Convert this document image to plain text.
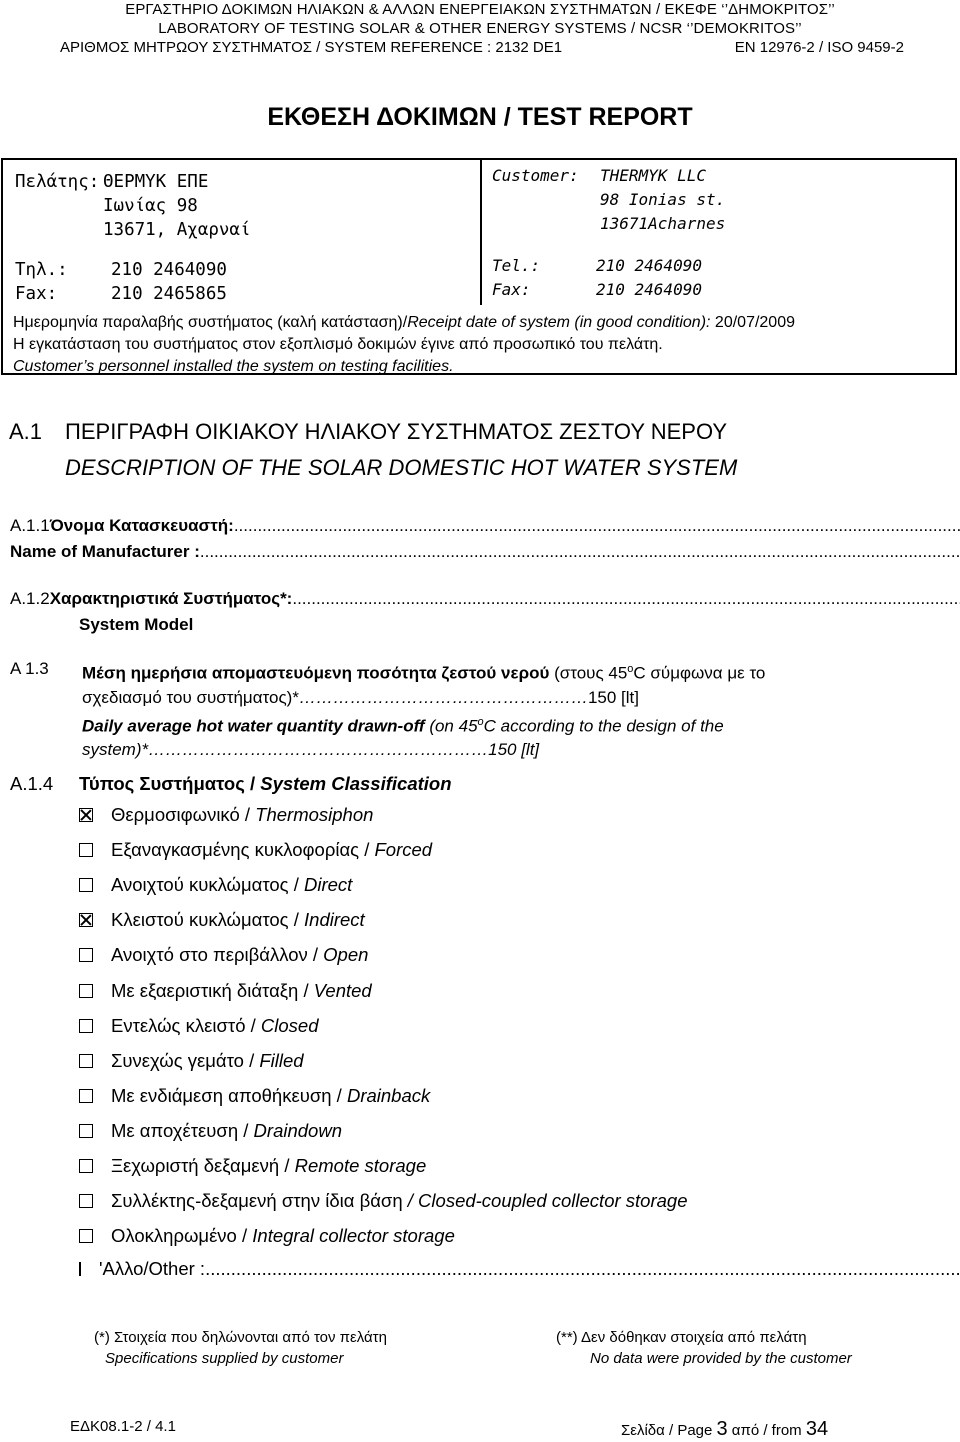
ΕΡΓΑΣΤΗΡΙΟ ΔΟΚΙΜΩΝ ΗΛΙΑΚΩΝ & ΑΛΛΩΝ ΕΝΕΡΓΕΙΑΚΩΝ ΣΥΣΤΗΜΑΤΩΝ / ΕΚΕΦΕ ‘’ΔΗΜΟΚΡΙΤΟΣ’’
LABORATORY OF TESTING SOLAR & OTHER ENERGY SYSTEMS / NCSR ‘’DEMOKRITOS’’
ΑΡΙΘΜΟΣ ΜΗΤΡΩΟΥ ΣΥΣΤΗΜΑΤΟΣ / SYSTEM REFERENCE : 2132 DE1	EN 12976-2 / ISO 9459-2
ΕΚΘΕΣΗ ΔΟΚΙΜΩΝ / TEST REPORT
Πελάτης: ΘΕΡΜΥΚ ΕΠΕ
Ιωνίας 98
13671, Αχαρναί
Customer:	THERMYK LLC
98 Ionias st.
13671Acharnes
Τηλ.:	210 2464090
Fax:	210 2465865
Tel.:	210 2464090
Fax:	210 2464090
Ημερομηνία παραλαβής συστήματος (καλή κατάσταση)/Receipt date of system (in good condition): 20/07/2009
Η εγκατάσταση του συστήματος στον εξοπλισμό δοκιμών έγινε από προσωπικό του πελάτη.
Customer’s personnel installed the system on testing facilities.
A.1	ΠΕΡΙΓΡΑΦΗ ΟΙΚΙΑΚΟΥ ΗΛΙΑΚΟΥ ΣΥΣΤΗΜΑΤΟΣ ΖΕΣΤΟΥ ΝΕΡΟΥ
DESCRIPTION OF THE SOLAR DOMESTIC HOT WATER SYSTEM
A.1.1 Όνομα Κατασκευαστή:
.....
Name of Manufacturer :
.....
A.1.2 Χαρακτηριστικά Συστήματος*:
.....
System Model
A 1.3	Μέση ημερήσια απομαστευόμενη ποσότητα ζεστού νερού (στους 45$^o$C σύμφωνα με το
σχεδιασμό του συστήματος)*……………………………………………150 [lt]
Daily average hot water quantity drawn-off (on 45$^o$C according to the design of the
system)*……………………………………………………150 [lt]
A.1.4 Τύπος Συστήματος / System Classification
Θερμοσιφωνικό / Thermosiphon
Εξαναγκασμένης κυκλοφορίας / Forced
Ανοιχτού κυκλώματος / Direct
Κλειστού κυκλώματος / Indirect
Ανοιχτό στο περιβάλλον / Open
Με εξαεριστική διάταξη / Vented
Εντελώς κλειστό / Closed
Συνεχώς γεμάτο / Filled
Με ενδιάμεση αποθήκευση / Drainback
Με αποχέτευση / Draindown
Ξεχωριστή δεξαμενή / Remote storage
Συλλέκτης-δεξαμενή στην ίδια βάση / Closed-coupled collector storage
Ολοκληρωμένο / Integral collector storage
'Αλλο/Other :
.....
(*) Στοιχεία που δηλώνονται από τον πελάτη
Specifications supplied by customer
(**) Δεν δόθηκαν στοιχεία από πελάτη
No data were provided by the customer
ΕΔΚ08.1-2 / 4.1	Σελίδα / Page 3 από / from 34
